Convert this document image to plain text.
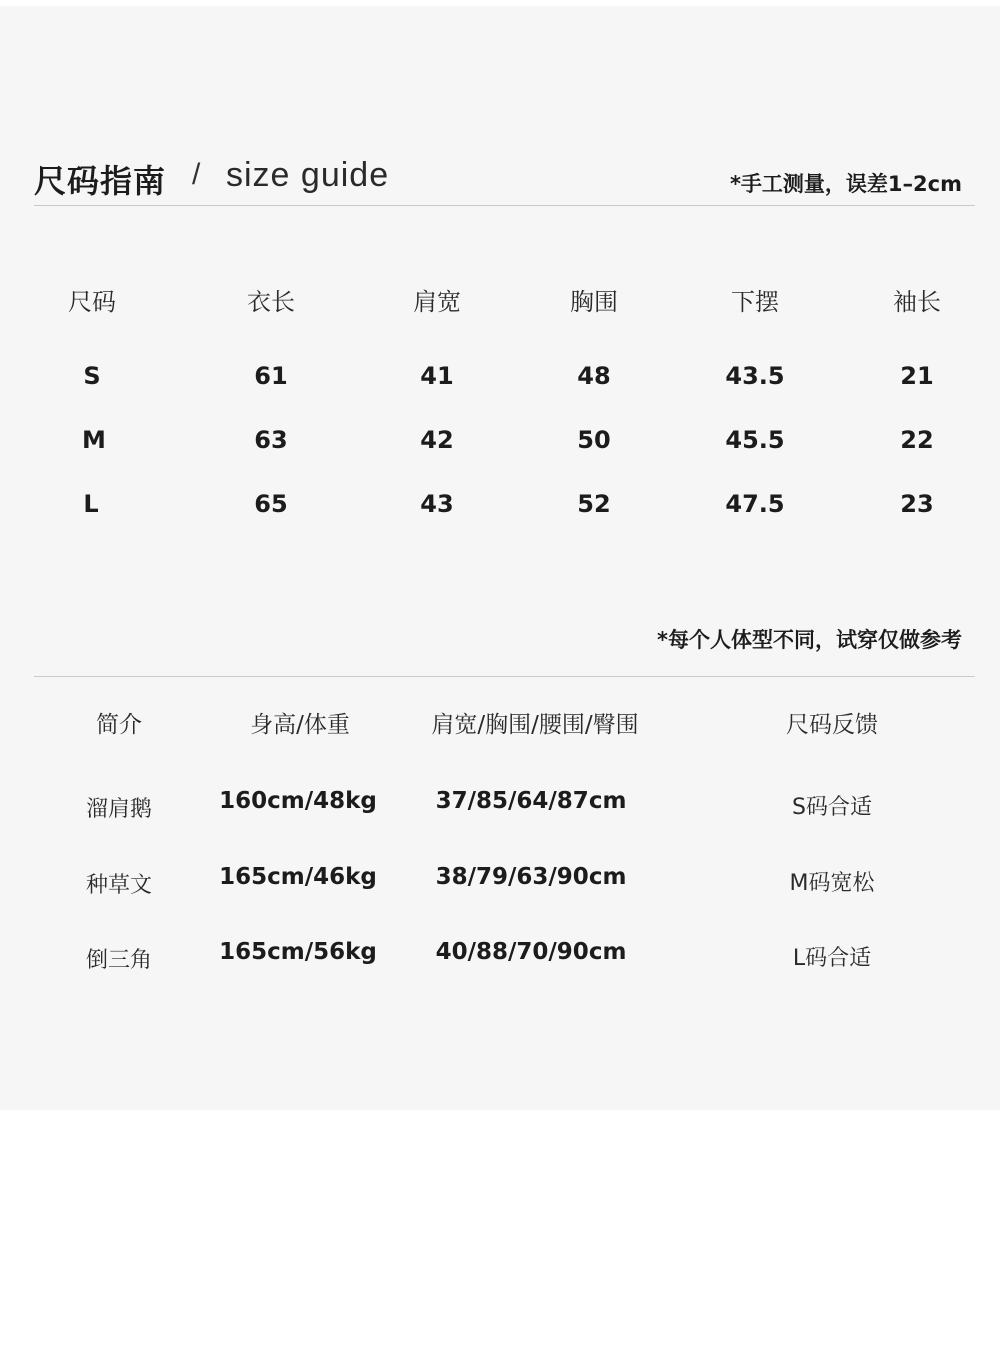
尺码指南 / size guide	*手工测量，误差1–2cm
尺码	衣长	肩宽	胸围	下摆	袖长
S	61	41	48	43.5	21
M	63	42	50	45.5	22
L	65	43	52	47.5	23
*每个人体型不同，试穿仅做参考
简介	身高/体重	肩宽/胸围/腰围/臀围	尺码反馈
溜肩鹅	160cm/48kg	37/85/64/87cm	S码合适
种草文	165cm/46kg	38/79/63/90cm	M码宽松
倒三角	165cm/56kg	40/88/70/90cm	L码合适
